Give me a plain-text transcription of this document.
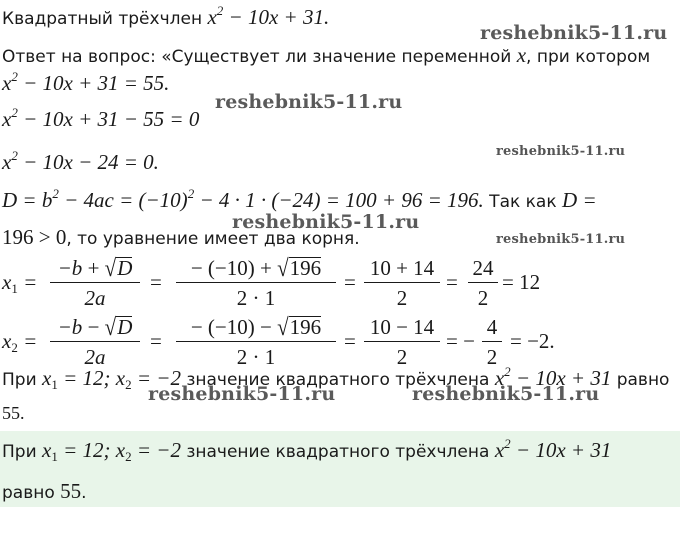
Квадратный трёхчлен $x^2 - 10x + 31$.
Ответ на вопрос: «Существует ли значение переменной x, при котором
$x^2 - 10x + 31 = 55$.
$x^2 - 10x + 31 - 55 = 0$
$x^2 - 10x - 24 = 0$.
$D = b^2 - 4ac = (-10)^2 - 4 \cdot 1 \cdot (-24) = 100 + 96 = 196$. Так как D =
196 > 0, то уравнение имеет два корня.
$x_1$ =
−b + √D
2a
=
− (−10) + √196
2 · 1
=
10 + 14
2
=
24
2
= 12
$x_2$ =
−b − √D
2a
=
− (−10) − √196
2 · 1
=
10 − 14
2
= −
4
2
= −2.
При $x_1 = 12$; $x_2 = -2$ значение квадратного трёхчлена $x^2 - 10x + 31$ равно
55.
При $x_1 = 12$; $x_2 = -2$ значение квадратного трёхчлена $x^2 - 10x + 31$
равно 55.
reshebnik5-11.ru
reshebnik5-11.ru
reshebnik5-11.ru
reshebnik5-11.ru
reshebnik5-11.ru
reshebnik5-11.ru	reshebnik5-11.ru
